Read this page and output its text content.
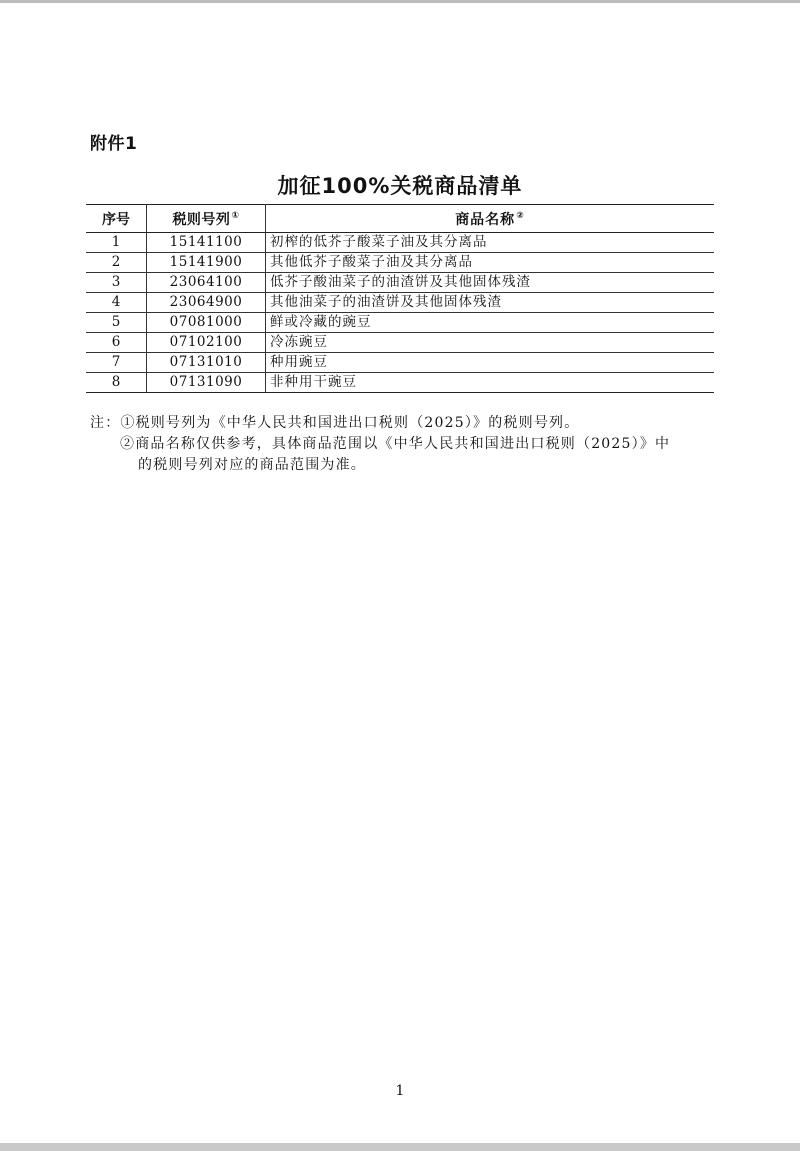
附件1
加征100%关税商品清单
序号	税则号列①	商品名称②
1	15141100	初榨的低芥子酸菜子油及其分离品
2	15141900	其他低芥子酸菜子油及其分离品
3	23064100	低芥子酸油菜子的油渣饼及其他固体残渣
4	23064900	其他油菜子的油渣饼及其他固体残渣
5	07081000	鲜或冷藏的豌豆
6	07102100	冷冻豌豆
7	07131010	种用豌豆
8	07131090	非种用干豌豆
注：①税则号列为《中华人民共和国进出口税则（2025）》的税则号列。
②商品名称仅供参考，具体商品范围以《中华人民共和国进出口税则（2025）》中
的税则号列对应的商品范围为准。
1
